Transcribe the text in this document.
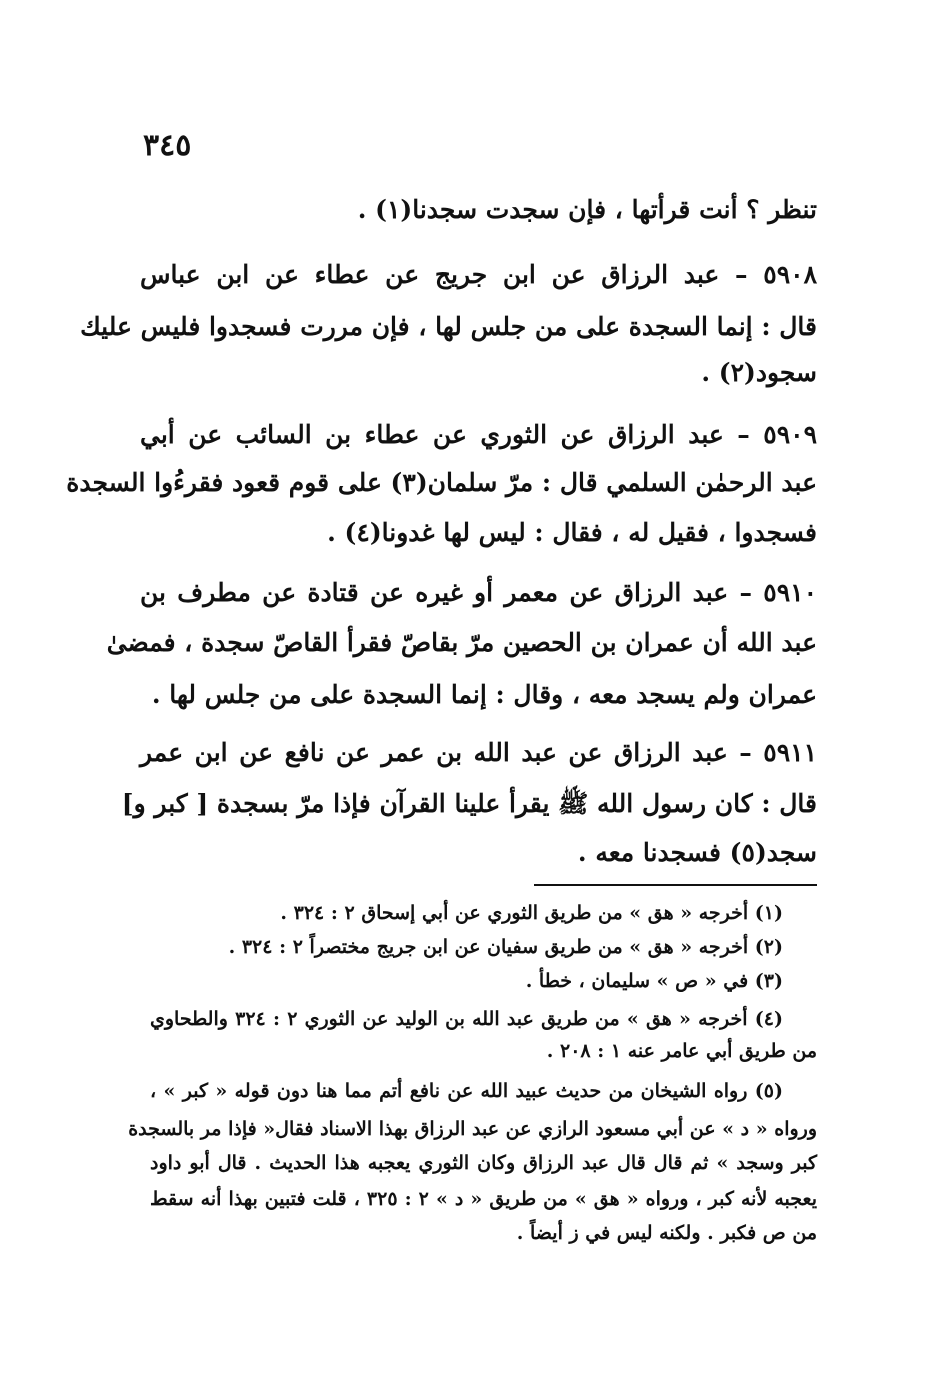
٣٤٥
تنظر ؟ أنت قرأتها ، فإن سجدت سجدنا(١) .
٥٩٠٨ – عبد الرزاق عن ابن جريج عن عطاء عن ابن عباس
قال : إنما السجدة على من جلس لها ، فإن مررت فسجدوا فليس عليك
سجود(٢) .
٥٩٠٩ – عبد الرزاق عن الثوري عن عطاء بن السائب عن أبي
عبد الرحمٰن السلمي قال : مرّ سلمان(٣) على قوم قعود فقرءُوا السجدة
فسجدوا ، فقيل له ، فقال : ليس لها غدونا(٤) .
٥٩١٠ – عبد الرزاق عن معمر أو غيره عن قتادة عن مطرف بن
عبد الله أن عمران بن الحصين مرّ بقاصّ فقرأ القاصّ سجدة ، فمضىٰ
عمران ولم يسجد معه ، وقال : إنما السجدة على من جلس لها .
٥٩١١ – عبد الرزاق عن عبد الله بن عمر عن نافع عن ابن عمر
قال : كان رسول الله ﷺ يقرأ علينا القرآن فإذا مرّ بسجدة [ كبر و]
سجد(٥) فسجدنا معه .
(١) أخرجه « هق » من طريق الثوري عن أبي إسحاق ٢ : ٣٢٤ .
(٢) أخرجه « هق » من طريق سفيان عن ابن جريج مختصراً ٢ : ٣٢٤ .
(٣) في « ص » سليمان ، خطأ .
(٤) أخرجه « هق » من طريق عبد الله بن الوليد عن الثوري ٢ : ٣٢٤ والطحاوي
من طريق أبي عامر عنه ١ : ٢٠٨ .
(٥) رواه الشيخان من حديث عبيد الله عن نافع أتم مما هنا دون قوله « كبر » ،
ورواه « د » عن أبي مسعود الرازي عن عبد الرزاق بهذا الاسناد فقال« فإذا مر بالسجدة
كبر وسجد » ثم قال قال عبد الرزاق وكان الثوري يعجبه هذا الحديث . قال أبو داود
يعجبه لأنه كبر ، ورواه « هق » من طريق « د » ٢ : ٣٢٥ ، قلت فتبين بهذا أنه سقط
من ص فكبر . ولكنه ليس في ز أيضاً .
